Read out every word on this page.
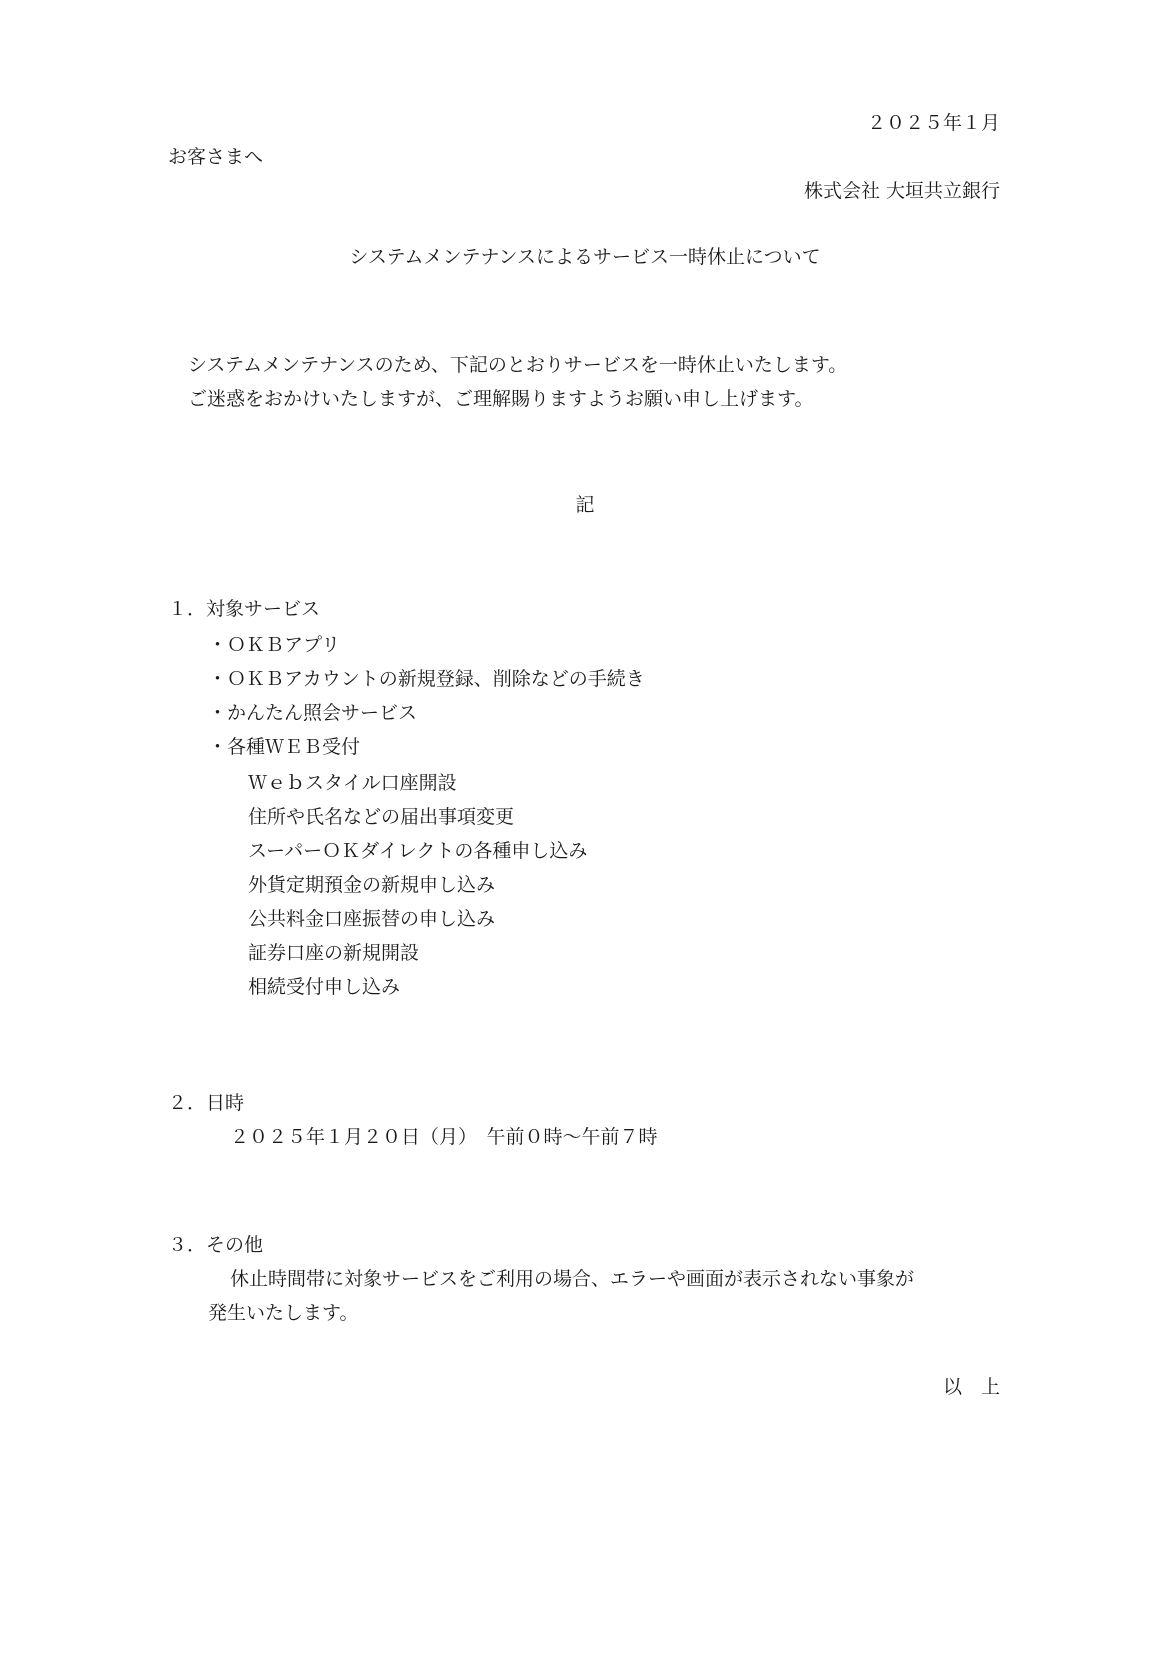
２０２５年１月
お客さまへ
株式会社 大垣共立銀行
システムメンテナンスによるサービス一時休止について
システムメンテナンスのため、下記のとおりサービスを一時休止いたします。
ご迷惑をおかけいたしますが、ご理解賜りますようお願い申し上げます。
記
１．対象サービス
・ＯＫＢアプリ
・ＯＫＢアカウントの新規登録、削除などの手続き
・かんたん照会サービス
・各種ＷＥＢ受付
Ｗｅｂスタイル口座開設
住所や氏名などの届出事項変更
スーパーＯＫダイレクトの各種申し込み
外貨定期預金の新規申し込み
公共料金口座振替の申し込み
証券口座の新規開設
相続受付申し込み
２．日時
２０２５年１月２０日（月）　午前０時～午前７時
３．その他
休止時間帯に対象サービスをご利用の場合、エラーや画面が表示されない事象が
発生いたします。
以　上
